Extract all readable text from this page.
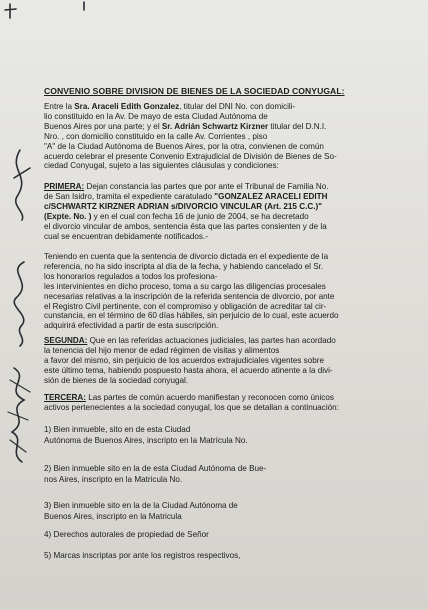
CONVENIO SOBRE DIVISION DE BIENES DE LA SOCIEDAD CONYUGAL:
Entre la Sra. Araceli Edith Gonzalez, titular del DNI No. con domicili-
lio constituido en la Av. De mayo de esta Ciudad Autónoma de
Buenos Aires por una parte; y el Sr. Adrián Schwartz Kirzner titular del D.N.I.
Nro. , con domicilio constituido en la calle Av. Corrientes , piso
"A" de la Ciudad Autónoma de Buenos Aires, por la otra, convienen de común
acuerdo celebrar el presente Convenio Extrajudicial de División de Bienes de So-
ciedad Conyugal, sujeto a las siguientes cláusulas y condiciones:
PRIMERA: Dejan constancia las partes que por ante el Tribunal de Familia No.
de San Isidro, tramita el expediente caratulado "GONZALEZ ARACELI EDITH
c/SCHWARTZ KIRZNER ADRIAN s/DIVORCIO VINCULAR (Art. 215 C.C.)"
(Expte. No. ) y en el cual con fecha 16 de junio de 2004, se ha decretado
el divorcio vincular de ambos, sentencia ésta que las partes consienten y de la
cual se encuentran debidamente notificados.-
Teniendo en cuenta que la sentencia de divorcio dictada en el expediente de la
referencia, no ha sido inscripta al día de la fecha, y habiendo cancelado el Sr.
los honorarios regulados a todos los profesiona-
les intervinientes en dicho proceso, toma a su cargo las diligencias procesales
necesarias relativas a la inscripción de la referida sentencia de divorcio, por ante
el Registro Civil pertinente, con el compromiso y obligación de acreditar tal cir-
cunstancia, en el término de 60 días hábiles, sin perjuicio de lo cual, este acuerdo
adquirirá efectividad a partir de esta suscripción.
SEGUNDA: Que en las referidas actuaciones judiciales, las partes han acordado
la tenencia del hijo menor de edad régimen de visitas y alimentos
a favor del mismo, sin perjuicio de los acuerdos extrajudiciales vigentes sobre
este último tema, habiendo pospuesto hasta ahora, el acuerdo atinente a la divi-
sión de bienes de la sociedad conyugal.
TERCERA: Las partes de común acuerdo manifiestan y reconocen como únicos
activos pertenecientes a la sociedad conyugal, los que se detallan a continuación:
1) Bien inmueble, sito en de esta Ciudad
Autónoma de Buenos Aires, inscripto en la Matrícula No.
2) Bien inmueble sito en la de esta Ciudad Autónoma de Bue-
nos Aires, inscripto en la Matricula No.
3) Bien inmueble sito en la de la Ciudad Autónoma de
Buenos Aires, inscripto en la Matricula
4) Derechos autorales de propiedad de Señor
5) Marcas inscriptas por ante los registros respectivos,
